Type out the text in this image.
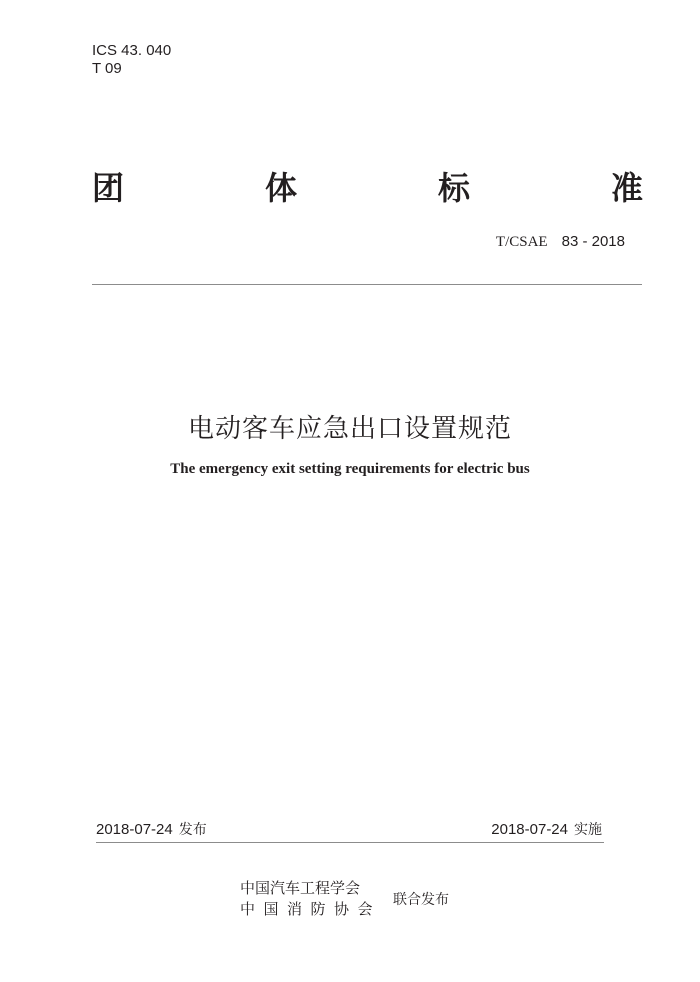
ICS 43. 040
T 09
团	体	标	准
T/CSAE 83 - 2018
电动客车应急出口设置规范
The emergency exit setting requirements for electric bus
2018-07-24 发布	2018-07-24 实施
中国汽车工程学会
中国消防协会 联合发布
